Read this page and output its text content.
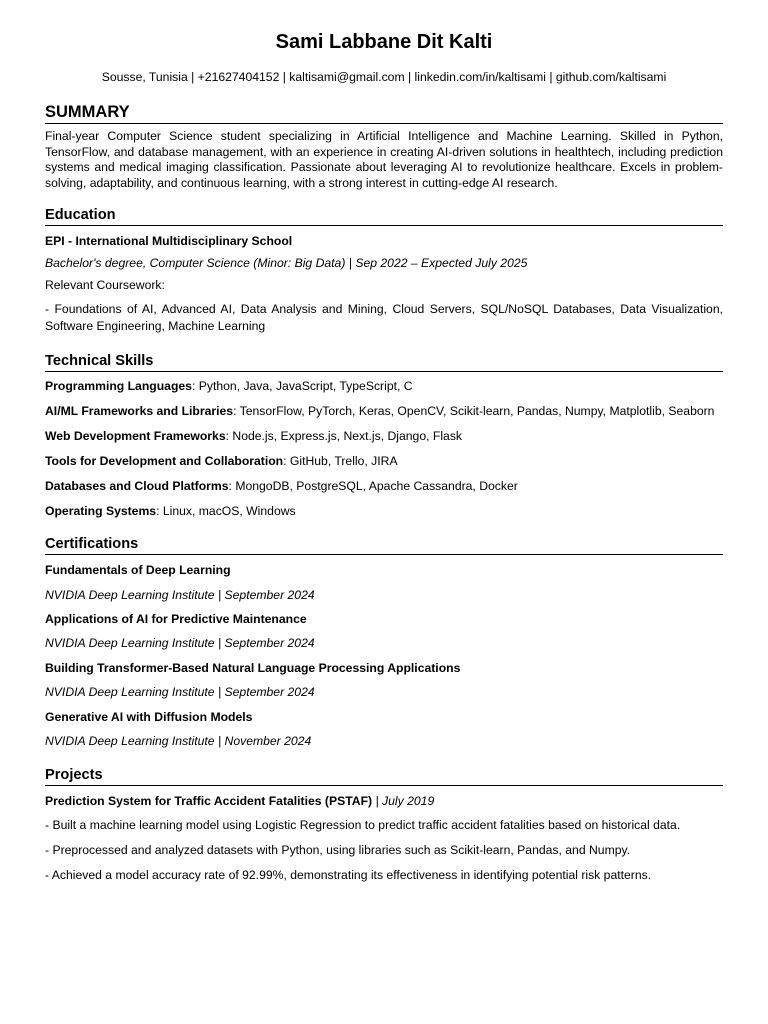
Sami Labbane Dit Kalti
Sousse, Tunisia | +21627404152 | kaltisami@gmail.com | linkedin.com/in/kaltisami | github.com/kaltisami
SUMMARY
Final-year Computer Science student specializing in Artificial Intelligence and Machine Learning. Skilled in Python, TensorFlow, and database management, with an experience in creating AI-driven solutions in healthtech, including prediction systems and medical imaging classification. Passionate about leveraging AI to revolutionize healthcare. Excels in problem-solving, adaptability, and continuous learning, with a strong interest in cutting-edge AI research.
Education
EPI - International Multidisciplinary School
Bachelor's degree, Computer Science (Minor: Big Data) | Sep 2022 – Expected July 2025
Relevant Coursework:
- Foundations of AI, Advanced AI, Data Analysis and Mining, Cloud Servers, SQL/NoSQL Databases, Data Visualization, Software Engineering, Machine Learning
Technical Skills
Programming Languages: Python, Java, JavaScript, TypeScript, C
AI/ML Frameworks and Libraries: TensorFlow, PyTorch, Keras, OpenCV, Scikit-learn, Pandas, Numpy, Matplotlib, Seaborn
Web Development Frameworks: Node.js, Express.js, Next.js, Django, Flask
Tools for Development and Collaboration: GitHub, Trello, JIRA
Databases and Cloud Platforms: MongoDB, PostgreSQL, Apache Cassandra, Docker
Operating Systems: Linux, macOS, Windows
Certifications
Fundamentals of Deep Learning
NVIDIA Deep Learning Institute | September 2024
Applications of AI for Predictive Maintenance
NVIDIA Deep Learning Institute | September 2024
Building Transformer-Based Natural Language Processing Applications
NVIDIA Deep Learning Institute | September 2024
Generative AI with Diffusion Models
NVIDIA Deep Learning Institute | November 2024
Projects
Prediction System for Traffic Accident Fatalities (PSTAF) | July 2019
- Built a machine learning model using Logistic Regression to predict traffic accident fatalities based on historical data.
- Preprocessed and analyzed datasets with Python, using libraries such as Scikit-learn, Pandas, and Numpy.
- Achieved a model accuracy rate of 92.99%, demonstrating its effectiveness in identifying potential risk patterns.
